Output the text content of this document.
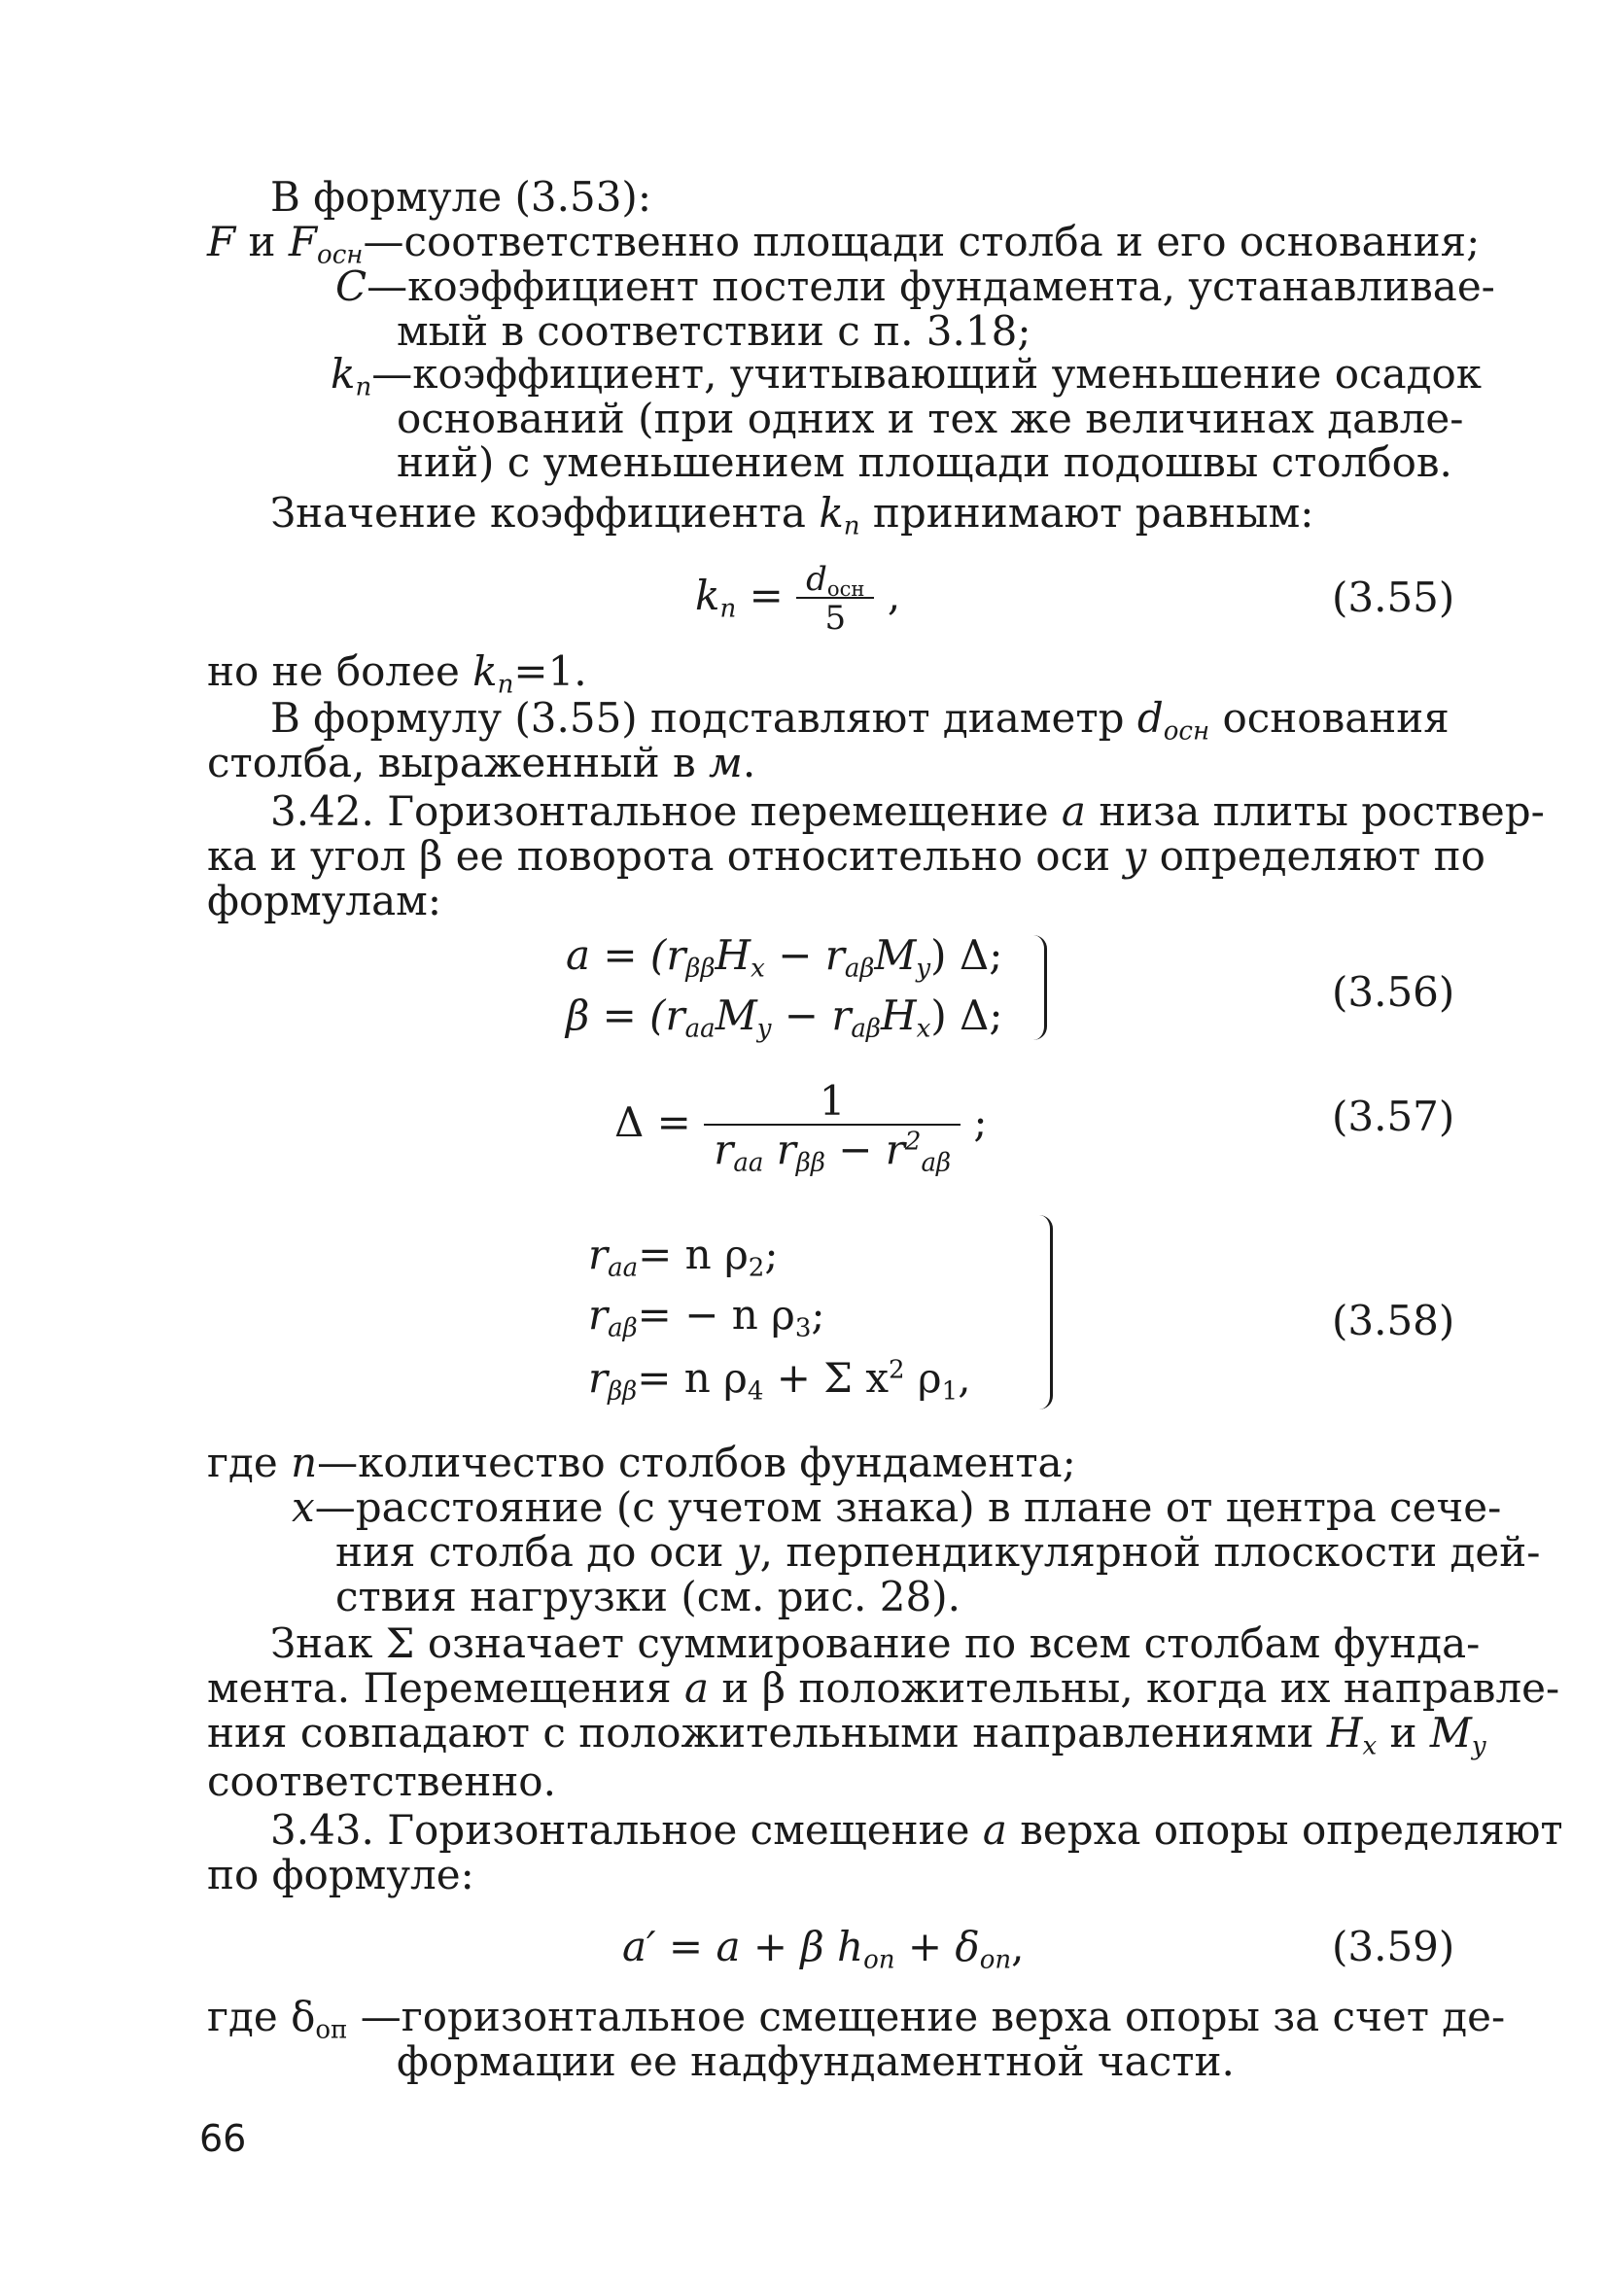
В формуле (3.53):
F и $F_{осн}—соответственно$ площади столба и его основания;
С—коэффициент постели фундамента, устанавливае-
мый в соответствии с п. 3.18;
$k_п—коэффициент$, учитывающий уменьшение осадок
оснований (при одних и тех же величинах давле-
ний) с уменьшением площади подошвы столбов.
Значение коэффициента $k_п$ принимают равным:
$k_п = \frac{d_{осн}}{5}$ ,	(3.55)
но не более $k_п=1$.
В формулу (3.55) подставляют диаметр $d_{осн}$ основания
столба, выраженный в м.
3.42. Горизонтальное перемещение a низа плиты роствер-
ка и угол β ее поворота относительно оси y определяют по
формулам:
$a = (r_{\beta\beta}H_x - r_{a\beta}M_y)$ Δ;
$\beta = (r_{aa}M_y - r_{a\beta}H_x)$ Δ;	(3.56)
$\Delta = \frac{1}{r_{aa} r_{\beta\beta} - r^2_{a\beta}}$ ;	(3.57)
$r_{aa}= n$ $\rho_2$;
$r_{a\beta}= - n$ $\rho_3$;
$r_{\beta\beta}= n$ $\rho_4 + \Sigma$ $x^2$ $\rho_1$,
(3.58)
где n—количество столбов фундамента;
x—расстояние (с учетом знака) в плане от центра сече-
ния столба до оси y, перпендикулярной плоскости дей-
ствия нагрузки (см. рис. 28).
Знак Σ означает суммирование по всем столбам фунда-
мента. Перемещения a и β положительны, когда их направле-
ния совпадают с положительными направлениями $H_x$ и $M_y$
соответственно.
3.43. Горизонтальное смещение a верха опоры определяют
по формуле:
a′ = a + β $h_{оп} + \delta_{оп}$,	(3.59)
где $\delta_{оп}$ —горизонтальное смещение верха опоры за счет де-
формации ее надфундаментной части.
66
